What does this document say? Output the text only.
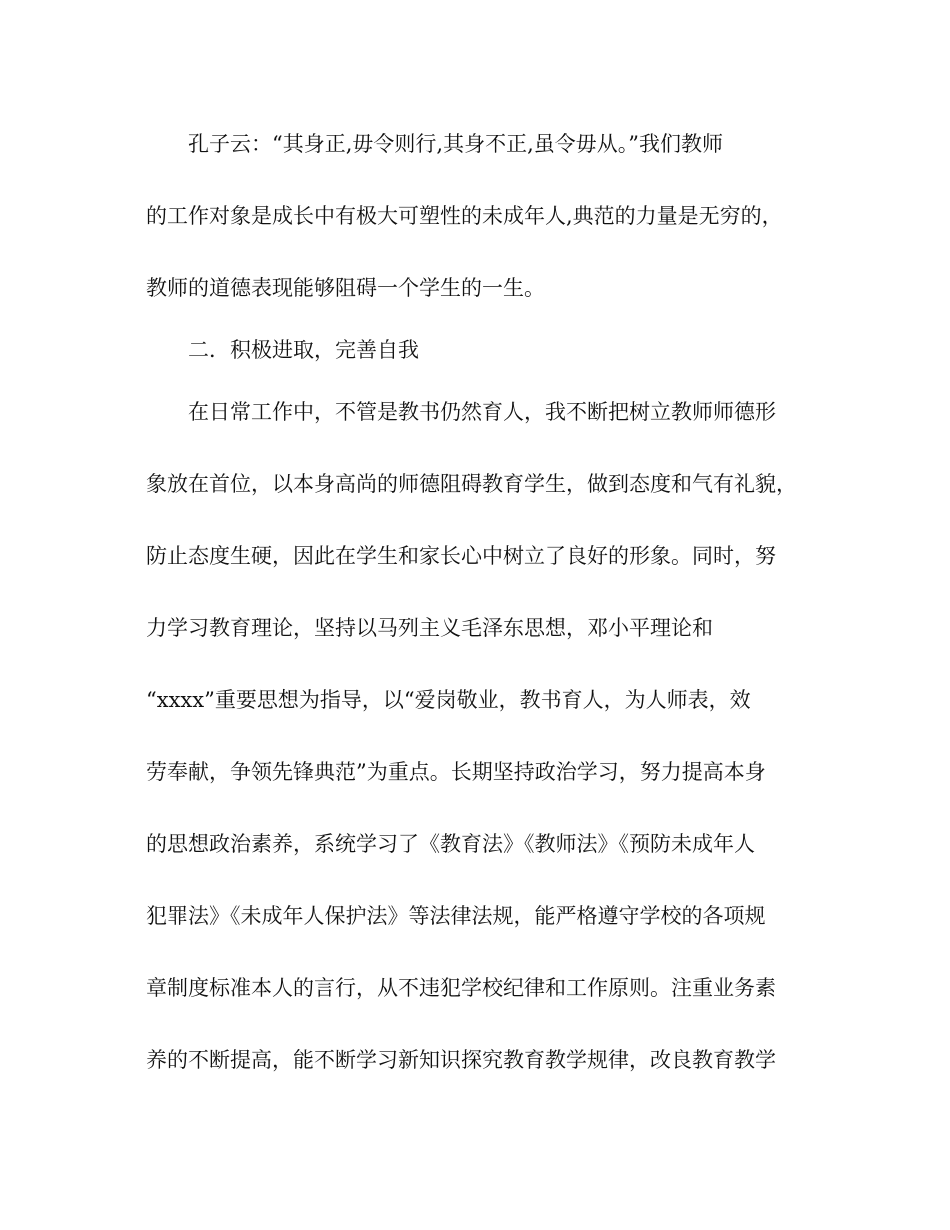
孔子云：“其身正,毋令则行,其身不正,虽令毋从。”我们教师
的工作对象是成长中有极大可塑性的未成年人,典范的力量是无穷的，
教师的道德表现能够阻碍一个学生的一生。
二．积极进取，完善自我
在日常工作中，不管是教书仍然育人，我不断把树立教师师德形
象放在首位，以本身高尚的师德阻碍教育学生，做到态度和气有礼貌，
防止态度生硬，因此在学生和家长心中树立了良好的形象。同时，努
力学习教育理论，坚持以马列主义毛泽东思想，邓小平理论和
“xxxx”重要思想为指导，以“爱岗敬业，教书育人，为人师表，效
劳奉献，争领先锋典范”为重点。长期坚持政治学习，努力提高本身
的思想政治素养，系统学习了《教育法》《教师法》《预防未成年人
犯罪法》《未成年人保护法》等法律法规，能严格遵守学校的各项规
章制度标准本人的言行，从不违犯学校纪律和工作原则。注重业务素
养的不断提高，能不断学习新知识探究教育教学规律，改良教育教学
